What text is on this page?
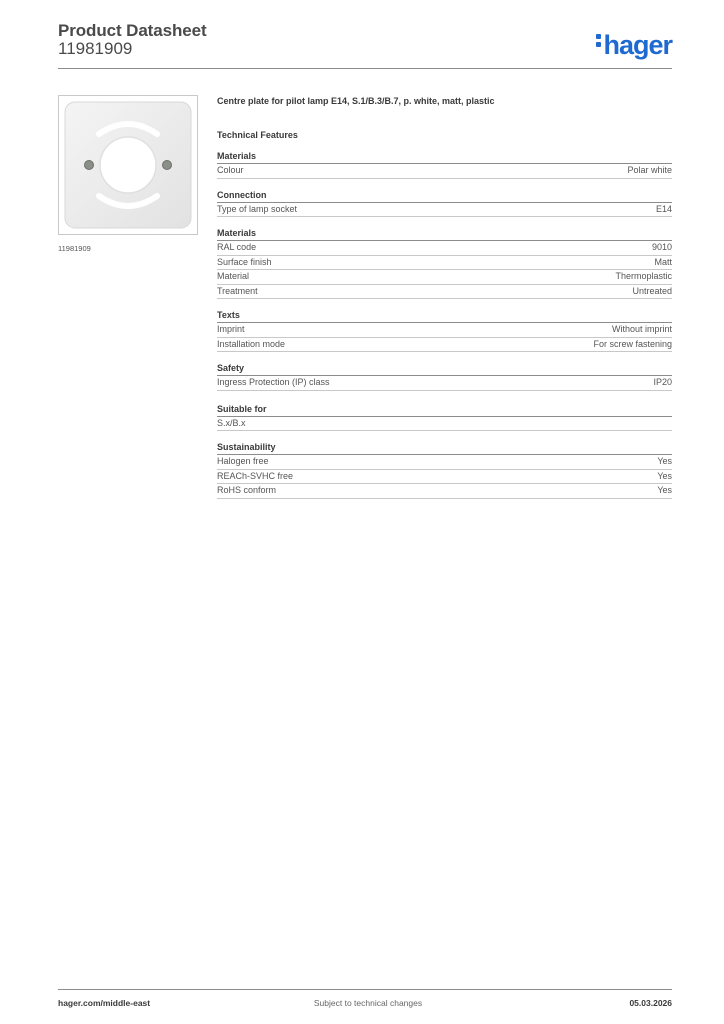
Product Datasheet
11981909	hager
11981909
Centre plate for pilot lamp E14, S.1/B.3/B.7, p. white, matt, plastic
Technical Features
Materials
Colour	Polar white
Connection
Type of lamp socket	E14
Materials
RAL code	9010
Surface finish	Matt
Material	Thermoplastic
Treatment	Untreated
Texts
Imprint	Without imprint
Installation mode	For screw fastening
Safety
Ingress Protection (IP) class	IP20
Suitable for
S.x/B.x
Sustainability
Halogen free	Yes
REACh-SVHC free	Yes
RoHS conform	Yes
hager.com/middle-east	Subject to technical changes	05.03.2026
